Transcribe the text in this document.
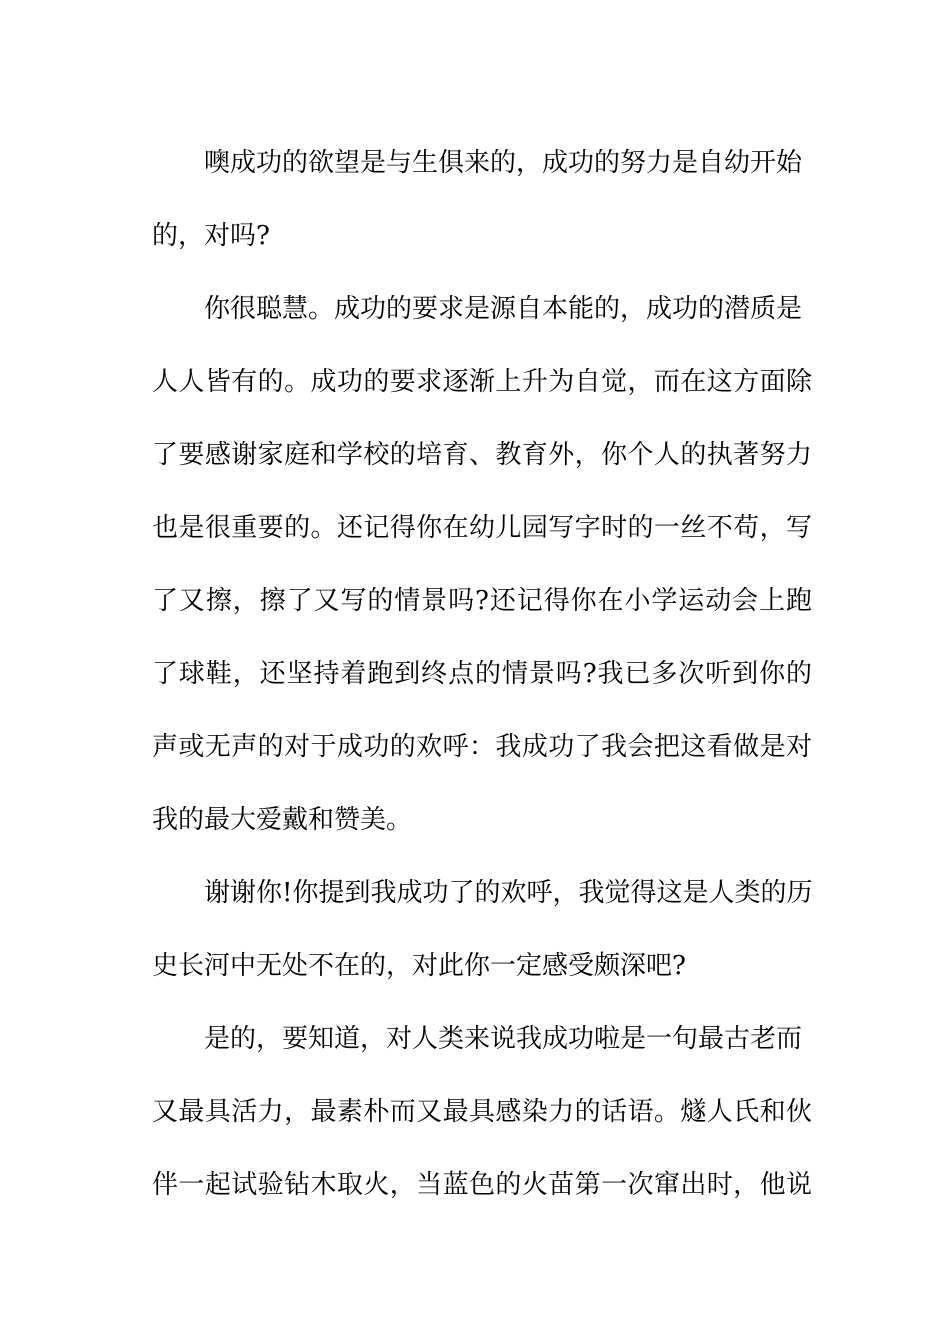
噢成功的欲望是与生俱来的，成功的努力是自幼开始
的，对吗?
你很聪慧。成功的要求是源自本能的，成功的潜质是
人人皆有的。成功的要求逐渐上升为自觉，而在这方面除
了要感谢家庭和学校的培育、教育外，你个人的执著努力
也是很重要的。还记得你在幼儿园写字时的一丝不苟，写
了又擦，擦了又写的情景吗?还记得你在小学运动会上跑
了球鞋，还坚持着跑到终点的情景吗?我已多次听到你的
声或无声的对于成功的欢呼：我成功了我会把这看做是对
我的最大爱戴和赞美。
谢谢你!你提到我成功了的欢呼，我觉得这是人类的历
史长河中无处不在的，对此你一定感受颇深吧?
是的，要知道，对人类来说我成功啦是一句最古老而
又最具活力，最素朴而又最具感染力的话语。燧人氏和伙
伴一起试验钻木取火，当蓝色的火苗第一次窜出时，他说
